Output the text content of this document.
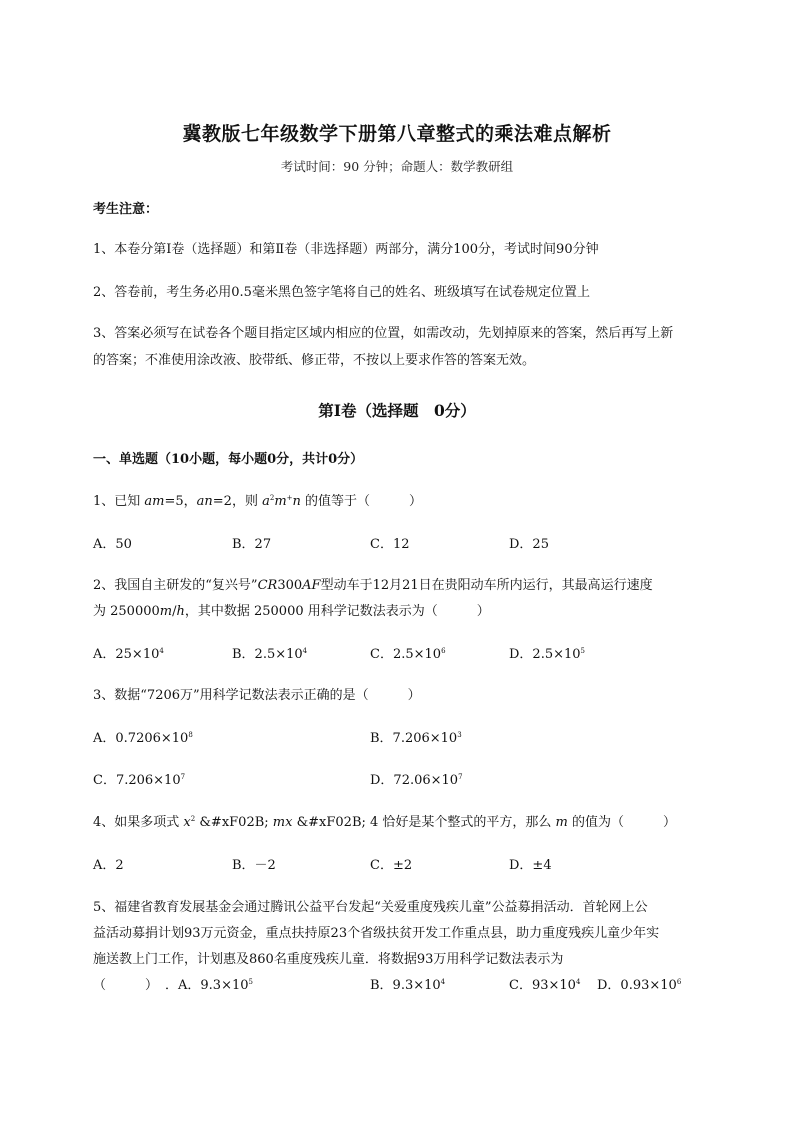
冀教版七年级数学下册第八章整式的乘法难点解析
考试时间：90 分钟；命题人：数学教研组
考生注意：
1、本卷分第Ⅰ卷（选择题）和第Ⅱ卷（非选择题）两部分，满分100分，考试时间90分钟
2、答卷前，考生务必用0.5毫米黑色签字笔将自己的姓名、班级填写在试卷规定位置上
3、答案必须写在试卷各个题目指定区域内相应的位置，如需改动，先划掉原来的答案，然后再写上新
的答案；不准使用涂改液、胶带纸、修正带，不按以上要求作答的答案无效。
第Ⅰ卷（选择题　0分）
一、单选题（10小题，每小题0分，共计0分）
1、已知 am=5，an=2，则 $a^2m^+n$ 的值等于（　　　）
A．50	B．27	C．12	D．25
2、我国自主研发的“复兴号”CR300AF型动车于12月21日在贵阳动车所内运行，其最高运行速度
为 250000m/h，其中数据 250000 用科学记数法表示为（　　　）
A．$25\times 10^4$	B．$2.5\times 10^4$	C．$2.5\times 10^6$	D．$2.5\times 10^5$
3、数据“7206万”用科学记数法表示正确的是（　　　）
A．$0.7206\times 10^8$	B．$7.206\times 10^3$
C．$7.206\times 10^7$	D．$72.06\times 10^7$
4、如果多项式 $x^2$ &#xF02B; mx &#xF02B; 4 恰好是某个整式的平方，那么 m 的值为（　　　）
A．2	B．－2	C．±2	D．±4
5、福建省教育发展基金会通过腾讯公益平台发起“关爱重度残疾儿童”公益募捐活动．首轮网上公
益活动募捐计划93万元资金，重点扶持原23个省级扶贫开发工作重点县，助力重度残疾儿童少年实
施送教上门工作，计划惠及860名重度残疾儿童．将数据93万用科学记数法表示为
（　　　） ．A．$9.3\times 10^5$	B．$9.3\times 10^4$	C．$93\times 10^4$ D．$0.93\times 10^6$
